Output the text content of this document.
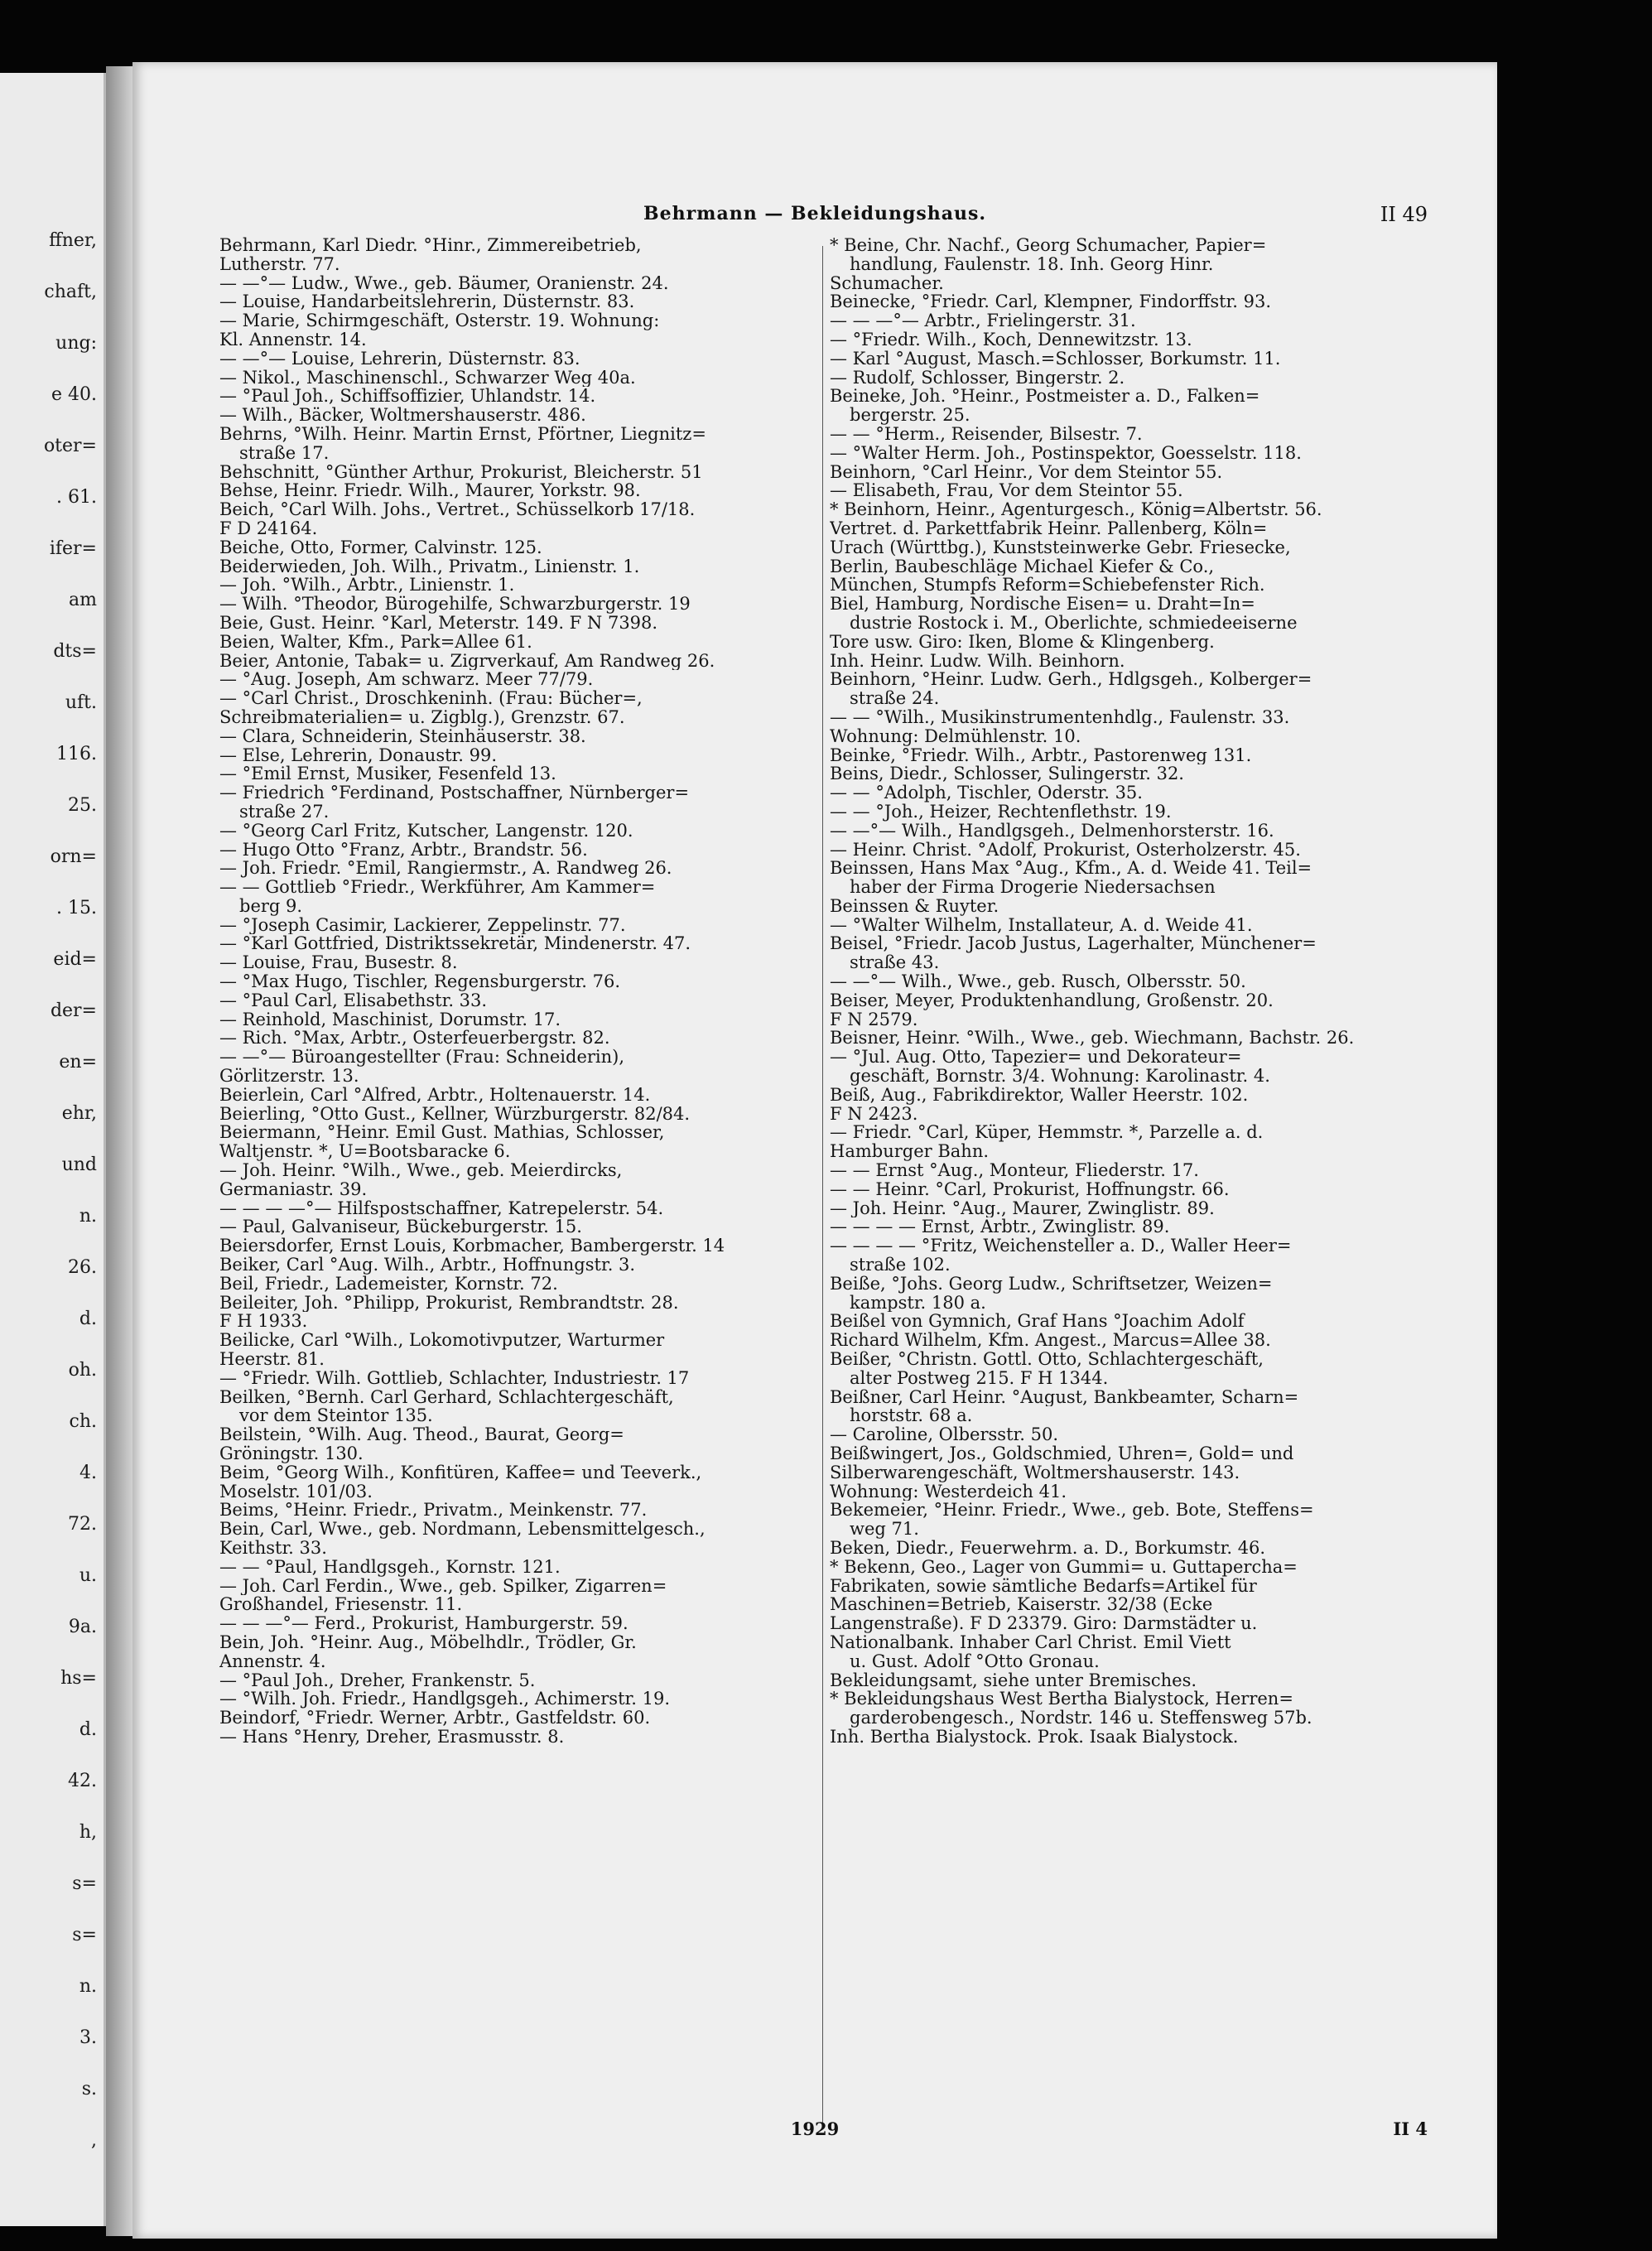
ffner,
chaft,
ung:
e 40.
oter=
. 61.
ifer=
am
dts=
uft.
116.
25.
orn=
. 15.
eid=
der=
en=
ehr,
und
n.
26.
d.
oh.
ch.
4.
72.
u.
9a.
hs=
d.
42.
h,
s=
s=
n.
3.
s.
,
Behrmann — Bekleidungshaus.	II 49
Behrmann, Karl Diedr. °Hinr., Zimmereibetrieb,
Lutherstr. 77.
— —°— Ludw., Wwe., geb. Bäumer, Oranienstr. 24.
— Louise, Handarbeitslehrerin, Düsternstr. 83.
— Marie, Schirmgeschäft, Osterstr. 19. Wohnung:
Kl. Annenstr. 14.
— —°— Louise, Lehrerin, Düsternstr. 83.
— Nikol., Maschinenschl., Schwarzer Weg 40a.
— °Paul Joh., Schiffsoffizier, Uhlandstr. 14.
— Wilh., Bäcker, Woltmershauserstr. 486.
Behrns, °Wilh. Heinr. Martin Ernst, Pförtner, Liegnitz=
straße 17.
Behschnitt, °Günther Arthur, Prokurist, Bleicherstr. 51
Behse, Heinr. Friedr. Wilh., Maurer, Yorkstr. 98.
Beich, °Carl Wilh. Johs., Vertret., Schüsselkorb 17/18.
F D 24164.
Beiche, Otto, Former, Calvinstr. 125.
Beiderwieden, Joh. Wilh., Privatm., Linienstr. 1.
— Joh. °Wilh., Arbtr., Linienstr. 1.
— Wilh. °Theodor, Bürogehilfe, Schwarzburgerstr. 19
Beie, Gust. Heinr. °Karl, Meterstr. 149. F N 7398.
Beien, Walter, Kfm., Park=Allee 61.
Beier, Antonie, Tabak= u. Zigrverkauf, Am Randweg 26.
— °Aug. Joseph, Am schwarz. Meer 77/79.
— °Carl Christ., Droschkeninh. (Frau: Bücher=,
Schreibmaterialien= u. Zigblg.), Grenzstr. 67.
— Clara, Schneiderin, Steinhäuserstr. 38.
— Else, Lehrerin, Donaustr. 99.
— °Emil Ernst, Musiker, Fesenfeld 13.
— Friedrich °Ferdinand, Postschaffner, Nürnberger=
straße 27.
— °Georg Carl Fritz, Kutscher, Langenstr. 120.
— Hugo Otto °Franz, Arbtr., Brandstr. 56.
— Joh. Friedr. °Emil, Rangiermstr., A. Randweg 26.
— — Gottlieb °Friedr., Werkführer, Am Kammer=
berg 9.
— °Joseph Casimir, Lackierer, Zeppelinstr. 77.
— °Karl Gottfried, Distriktssekretär, Mindenerstr. 47.
— Louise, Frau, Busestr. 8.
— °Max Hugo, Tischler, Regensburgerstr. 76.
— °Paul Carl, Elisabethstr. 33.
— Reinhold, Maschinist, Dorumstr. 17.
— Rich. °Max, Arbtr., Osterfeuerbergstr. 82.
— —°— Büroangestellter (Frau: Schneiderin),
Görlitzerstr. 13.
Beierlein, Carl °Alfred, Arbtr., Holtenauerstr. 14.
Beierling, °Otto Gust., Kellner, Würzburgerstr. 82/84.
Beiermann, °Heinr. Emil Gust. Mathias, Schlosser,
Waltjenstr. *, U=Bootsbaracke 6.
— Joh. Heinr. °Wilh., Wwe., geb. Meierdircks,
Germaniastr. 39.
— — — —°— Hilfspostschaffner, Katrepelerstr. 54.
— Paul, Galvaniseur, Bückeburgerstr. 15.
Beiersdorfer, Ernst Louis, Korbmacher, Bambergerstr. 14
Beiker, Carl °Aug. Wilh., Arbtr., Hoffnungstr. 3.
Beil, Friedr., Lademeister, Kornstr. 72.
Beileiter, Joh. °Philipp, Prokurist, Rembrandtstr. 28.
F H 1933.
Beilicke, Carl °Wilh., Lokomotivputzer, Warturmer
Heerstr. 81.
— °Friedr. Wilh. Gottlieb, Schlachter, Industriestr. 17
Beilken, °Bernh. Carl Gerhard, Schlachtergeschäft,
vor dem Steintor 135.
Beilstein, °Wilh. Aug. Theod., Baurat, Georg=
Gröningstr. 130.
Beim, °Georg Wilh., Konfitüren, Kaffee= und Teeverk.,
Moselstr. 101/03.
Beims, °Heinr. Friedr., Privatm., Meinkenstr. 77.
Bein, Carl, Wwe., geb. Nordmann, Lebensmittelgesch.,
Keithstr. 33.
— — °Paul, Handlgsgeh., Kornstr. 121.
— Joh. Carl Ferdin., Wwe., geb. Spilker, Zigarren=
Großhandel, Friesenstr. 11.
— — —°— Ferd., Prokurist, Hamburgerstr. 59.
Bein, Joh. °Heinr. Aug., Möbelhdlr., Trödler, Gr.
Annenstr. 4.
— °Paul Joh., Dreher, Frankenstr. 5.
— °Wilh. Joh. Friedr., Handlgsgeh., Achimerstr. 19.
Beindorf, °Friedr. Werner, Arbtr., Gastfeldstr. 60.
— Hans °Henry, Dreher, Erasmusstr. 8.
* Beine, Chr. Nachf., Georg Schumacher, Papier=
handlung, Faulenstr. 18. Inh. Georg Hinr.
Schumacher.
Beinecke, °Friedr. Carl, Klempner, Findorffstr. 93.
— — —°— Arbtr., Frielingerstr. 31.
— °Friedr. Wilh., Koch, Dennewitzstr. 13.
— Karl °August, Masch.=Schlosser, Borkumstr. 11.
— Rudolf, Schlosser, Bingerstr. 2.
Beineke, Joh. °Heinr., Postmeister a. D., Falken=
bergerstr. 25.
— — °Herm., Reisender, Bilsestr. 7.
— °Walter Herm. Joh., Postinspektor, Goesselstr. 118.
Beinhorn, °Carl Heinr., Vor dem Steintor 55.
— Elisabeth, Frau, Vor dem Steintor 55.
* Beinhorn, Heinr., Agenturgesch., König=Albertstr. 56.
Vertret. d. Parkettfabrik Heinr. Pallenberg, Köln=
Urach (Württbg.), Kunststeinwerke Gebr. Friesecke,
Berlin, Baubeschläge Michael Kiefer & Co.,
München, Stumpfs Reform=Schiebefenster Rich.
Biel, Hamburg, Nordische Eisen= u. Draht=In=
dustrie Rostock i. M., Oberlichte, schmiedeeiserne
Tore usw. Giro: Iken, Blome & Klingenberg.
Inh. Heinr. Ludw. Wilh. Beinhorn.
Beinhorn, °Heinr. Ludw. Gerh., Hdlgsgeh., Kolberger=
straße 24.
— — °Wilh., Musikinstrumentenhdlg., Faulenstr. 33.
Wohnung: Delmühlenstr. 10.
Beinke, °Friedr. Wilh., Arbtr., Pastorenweg 131.
Beins, Diedr., Schlosser, Sulingerstr. 32.
— — °Adolph, Tischler, Oderstr. 35.
— — °Joh., Heizer, Rechtenflethstr. 19.
— —°— Wilh., Handlgsgeh., Delmenhorsterstr. 16.
— Heinr. Christ. °Adolf, Prokurist, Osterholzerstr. 45.
Beinssen, Hans Max °Aug., Kfm., A. d. Weide 41. Teil=
haber der Firma Drogerie Niedersachsen
Beinssen & Ruyter.
— °Walter Wilhelm, Installateur, A. d. Weide 41.
Beisel, °Friedr. Jacob Justus, Lagerhalter, Münchener=
straße 43.
— —°— Wilh., Wwe., geb. Rusch, Olbersstr. 50.
Beiser, Meyer, Produktenhandlung, Großenstr. 20.
F N 2579.
Beisner, Heinr. °Wilh., Wwe., geb. Wiechmann, Bachstr. 26.
— °Jul. Aug. Otto, Tapezier= und Dekorateur=
geschäft, Bornstr. 3/4. Wohnung: Karolinastr. 4.
Beiß, Aug., Fabrikdirektor, Waller Heerstr. 102.
F N 2423.
— Friedr. °Carl, Küper, Hemmstr. *, Parzelle a. d.
Hamburger Bahn.
— — Ernst °Aug., Monteur, Fliederstr. 17.
— — Heinr. °Carl, Prokurist, Hoffnungstr. 66.
— Joh. Heinr. °Aug., Maurer, Zwinglistr. 89.
— — — — Ernst, Arbtr., Zwinglistr. 89.
— — — — °Fritz, Weichensteller a. D., Waller Heer=
straße 102.
Beiße, °Johs. Georg Ludw., Schriftsetzer, Weizen=
kampstr. 180 a.
Beißel von Gymnich, Graf Hans °Joachim Adolf
Richard Wilhelm, Kfm. Angest., Marcus=Allee 38.
Beißer, °Christn. Gottl. Otto, Schlachtergeschäft,
alter Postweg 215. F H 1344.
Beißner, Carl Heinr. °August, Bankbeamter, Scharn=
horststr. 68 a.
— Caroline, Olbersstr. 50.
Beißwingert, Jos., Goldschmied, Uhren=, Gold= und
Silberwarengeschäft, Woltmershauserstr. 143.
Wohnung: Westerdeich 41.
Bekemeier, °Heinr. Friedr., Wwe., geb. Bote, Steffens=
weg 71.
Beken, Diedr., Feuerwehrm. a. D., Borkumstr. 46.
* Bekenn, Geo., Lager von Gummi= u. Guttapercha=
Fabrikaten, sowie sämtliche Bedarfs=Artikel für
Maschinen=Betrieb, Kaiserstr. 32/38 (Ecke
Langenstraße). F D 23379. Giro: Darmstädter u.
Nationalbank. Inhaber Carl Christ. Emil Viett
u. Gust. Adolf °Otto Gronau.
Bekleidungsamt, siehe unter Bremisches.
* Bekleidungshaus West Bertha Bialystock, Herren=
garderobengesch., Nordstr. 146 u. Steffensweg 57b.
Inh. Bertha Bialystock. Prok. Isaak Bialystock.
1929	II 4
